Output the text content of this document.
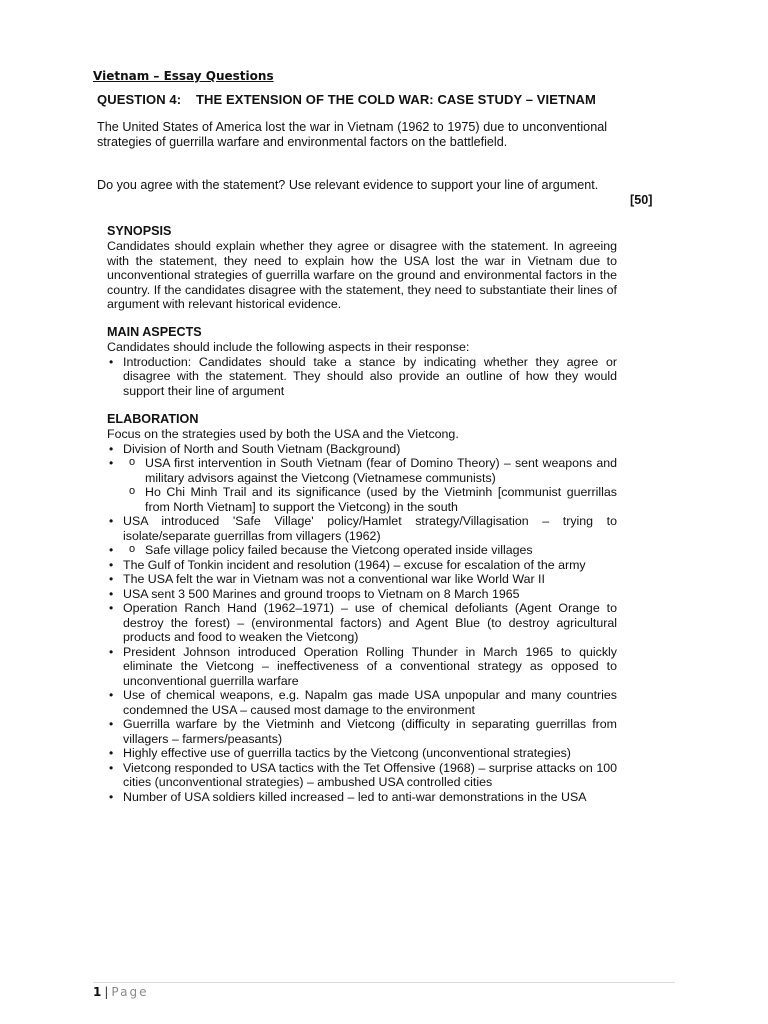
Vietnam – Essay Questions
QUESTION 4:    THE EXTENSION OF THE COLD WAR: CASE STUDY – VIETNAM
The United States of America lost the war in Vietnam (1962 to 1975) due to unconventional strategies of guerrilla warfare and environmental factors on the battlefield.
Do you agree with the statement? Use relevant evidence to support your line of argument.
[50]
SYNOPSIS

Candidates should explain whether they agree or disagree with the statement. In agreeing with the statement, they need to explain how the USA lost the war in Vietnam due to unconventional strategies of guerrilla warfare on the ground and environmental factors in the country. If the candidates disagree with the statement, they need to substantiate their lines of argument with relevant historical evidence.

MAIN ASPECTS

Candidates should include the following aspects in their response:

• Introduction: Candidates should take a stance by indicating whether they agree or disagree with the statement. They should also provide an outline of how they would support their line of argument
ELABORATION

Focus on the strategies used by both the USA and the Vietcong.

• Division of North and South Vietnam (Background)
o • USA first intervention in South Vietnam (fear of Domino Theory) – sent weapons and military advisors against the Vietcong (Vietnamese communists)
o Ho Chi Minh Trail and its significance (used by the Vietminh [communist guerrillas from North Vietnam] to support the Vietcong) in the south
• USA introduced 'Safe Village' policy/Hamlet strategy/Villagisation – trying to isolate/separate guerrillas from villagers (1962)
o • Safe village policy failed because the Vietcong operated inside villages
• The Gulf of Tonkin incident and resolution (1964) – excuse for escalation of the army
• The USA felt the war in Vietnam was not a conventional war like World War II
• USA sent 3 500 Marines and ground troops to Vietnam on 8 March 1965
• Operation Ranch Hand (1962–1971) – use of chemical defoliants (Agent Orange to destroy the forest) – (environmental factors) and Agent Blue (to destroy agricultural products and food to weaken the Vietcong)
• President Johnson introduced Operation Rolling Thunder in March 1965 to quickly eliminate the Vietcong – ineffectiveness of a conventional strategy as opposed to unconventional guerrilla warfare
• Use of chemical weapons, e.g. Napalm gas made USA unpopular and many countries condemned the USA – caused most damage to the environment
• Guerrilla warfare by the Vietminh and Vietcong (difficulty in separating guerrillas from villagers – farmers/peasants)
• Highly effective use of guerrilla tactics by the Vietcong (unconventional strategies)
• Vietcong responded to USA tactics with the Tet Offensive (1968) – surprise attacks on 100 cities (unconventional strategies) – ambushed USA controlled cities
• Number of USA soldiers killed increased – led to anti-war demonstrations in the USA
1 | Page
